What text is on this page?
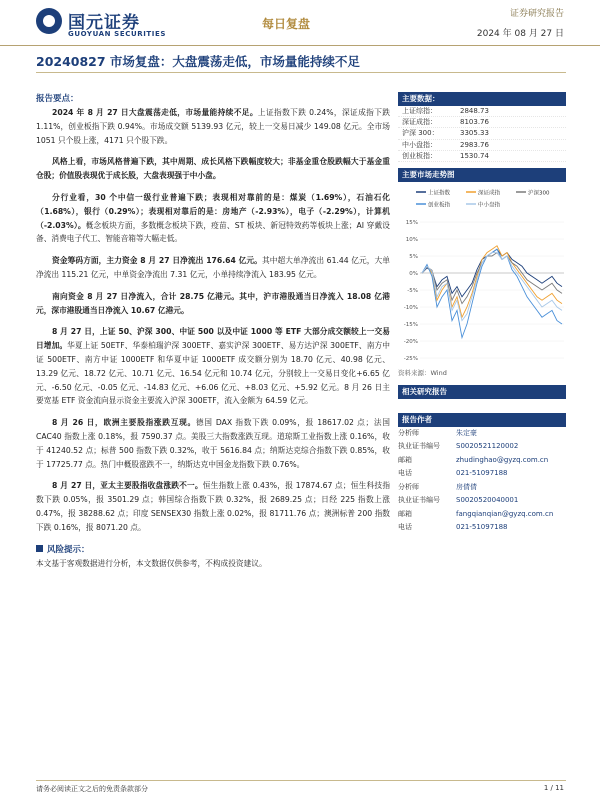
国元证券
GUOYUAN SECURITIES
每日复盘
证券研究报告
2024 年 08 月 27 日
20240827 市场复盘：大盘震荡走低，市场量能持续不足
报告要点：
2024 年 8 月 27 日大盘震荡走低，市场量能持续不足。上证指数下跌 0.24%，深证成指下跌 1.11%，创业板指下跌 0.94%。市场成交额 5139.93 亿元，较上一交易日减少 149.08 亿元。全市场 1051 只个股上涨，4171 只个股下跌。
风格上看，市场风格普遍下跌，其中周期、成长风格下跌幅度较大；非基金重仓股跌幅大于基金重仓股；价值股表现优于成长股，大盘表现强于中小盘。
分行业看，30 个中信一级行业普遍下跌；表现相对靠前的是：煤炭（1.69%），石油石化（1.68%），银行（0.29%）；表现相对靠后的是：房地产（-2.93%），电子（-2.29%），计算机（-2.03%）。概念板块方面，多数概念板块下跌，疫苗、ST 板块、新冠特效药等板块上涨；AI 穿戴设备、消费电子代工、智能音箱等大幅走低。
资金筹码方面，主力资金 8 月 27 日净流出 176.64 亿元。其中超大单净流出 61.44 亿元，大单净流出 115.21 亿元，中单资金净流出 7.31 亿元，小单持续净流入 183.95 亿元。
南向资金 8 月 27 日净流入，合计 28.75 亿港元。其中，沪市港股通当日净流入 18.08 亿港元，深市港股通当日净流入 10.67 亿港元。
8 月 27 日，上证 50、沪深 300、中证 500 以及中证 1000 等 ETF 大部分成交额较上一交易日增加。华夏上证 50ETF、华泰柏瑞沪深 300ETF、嘉实沪深 300ETF、易方达沪深 300ETF、南方中证 500ETF、南方中证 1000ETF 和华夏中证 1000ETF 成交额分别为 18.70 亿元、40.98 亿元、13.29 亿元、18.72 亿元、10.71 亿元、16.54 亿元和 10.74 亿元，分别较上一交易日变化+6.65 亿元、-6.50 亿元、-0.05 亿元、-14.83 亿元、+6.06 亿元、+8.03 亿元、+5.92 亿元。8 月 26 日主要宽基 ETF 资金流向显示资金主要流入沪深 300ETF，流入金额为 64.59 亿元。
8 月 26 日，欧洲主要股指涨跌互现。德国 DAX 指数下跌 0.09%，报 18617.02 点；法国 CAC40 指数上涨 0.18%，报 7590.37 点。美股三大指数涨跌互现。道琼斯工业指数上涨 0.16%，收于 41240.52 点；标普 500 指数下跌 0.32%，收于 5616.84 点；纳斯达克综合指数下跌 0.85%，收于 17725.77 点。热门中概股涨跌不一，纳斯达克中国金龙指数下跌 0.76%。
8 月 27 日，亚太主要股指收盘涨跌不一。恒生指数上涨 0.43%，报 17874.67 点；恒生科技指数下跌 0.05%，报 3501.29 点；韩国综合指数下跌 0.32%，报 2689.25 点；日经 225 指数上涨 0.47%，报 38288.62 点；印度 SENSEX30 指数上涨 0.02%，报 81711.76 点；澳洲标普 200 指数下跌 0.16%，报 8071.20 点。
风险提示：
本文基于客观数据进行分析，本文数据仅供参考，不构成投资建议。
主要数据：
上证综指：	2848.73
深证成指：	8103.76
沪深 300：	3305.33
中小盘指：	2983.76
创业板指：	1530.74
主要市场走势图
上证指数	深证成指	沪深300
创业板指	中小盘指
15%
10%
5%
0%
-5%
-10%
-15%
-20%
-25%
资料来源：Wind
相关研究报告
报告作者
分析师	朱定豪
执业证书编号	S0020521120002
邮箱	zhudinghao@gyzq.com.cn
电话	021-51097188
分析师	房倩倩
执业证书编号	S0020520040001
邮箱	fangqianqian@gyzq.com.cn
电话	021-51097188
请务必阅读正文之后的免责条款部分	1 / 11
